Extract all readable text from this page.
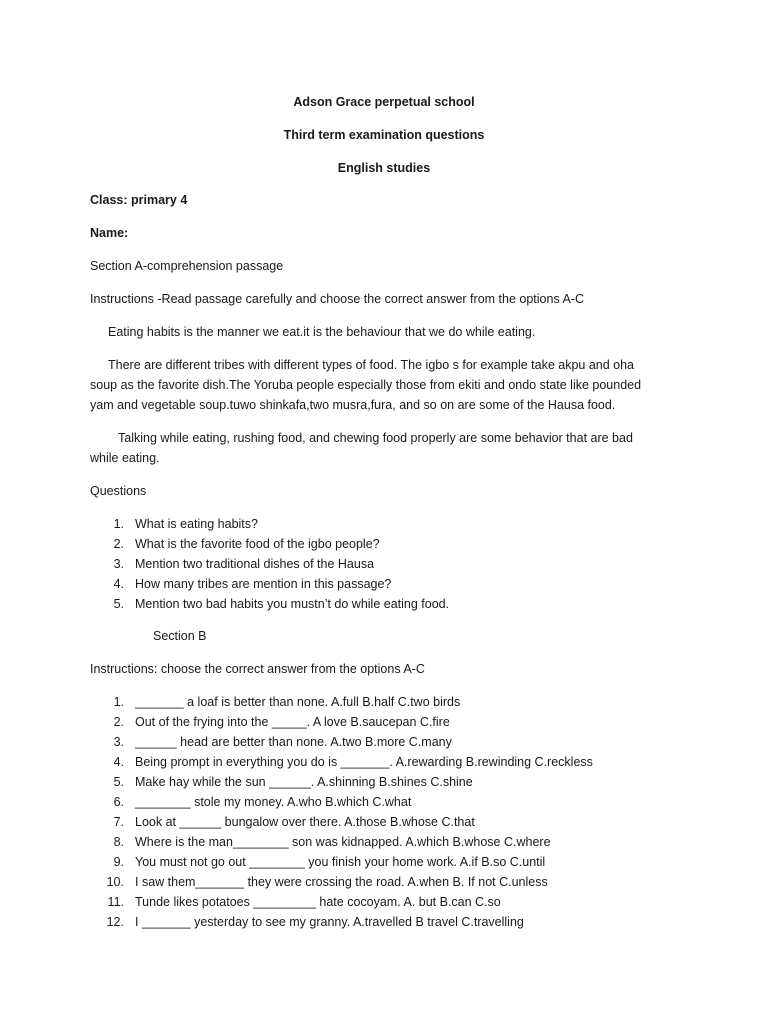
Adson Grace perpetual school
Third term examination questions
English studies
Class: primary 4
Name:
Section A-comprehension passage
Instructions -Read passage carefully and choose the correct answer from the options A-C
Eating habits is the manner we eat.it is the behaviour that we do while eating.
There are different tribes with different types of food. The igbo s for example take akpu and oha soup as the favorite dish.The Yoruba people especially those from ekiti and ondo state like pounded yam and vegetable soup.tuwo shinkafa,two musra,fura, and so on are some of the Hausa food.
Talking while eating, rushing food, and chewing food properly are some behavior that are bad while eating.
Questions
1. What is eating habits?
2. What is the favorite food of the igbo people?
3. Mention two traditional dishes of the Hausa
4. How many tribes are mention in this passage?
5. Mention two bad habits you mustn’t do while eating food.
Section B
Instructions: choose the correct answer from the options A-C
1. _______ a loaf is better than none. A.full B.half C.two birds
2. Out of the frying into the _____. A love B.saucepan C.fire
3. ______ head are better than none. A.two B.more C.many
4. Being prompt in everything you do is _______. A.rewarding B.rewinding C.reckless
5. Make hay while the sun ______. A.shinning B.shines C.shine
6. ________ stole my money. A.who B.which C.what
7. Look at ______ bungalow over there. A.those B.whose C.that
8. Where is the man________ son was kidnapped. A.which B.whose C.where
9. You must not go out ________ you finish your home work. A.if B.so C.until
10. I saw them_______ they were crossing the road. A.when B. If not C.unless
11. Tunde likes potatoes _________ hate cocoyam. A. but B.can C.so
12. I _______ yesterday to see my granny. A.travelled B travel C.travelling
